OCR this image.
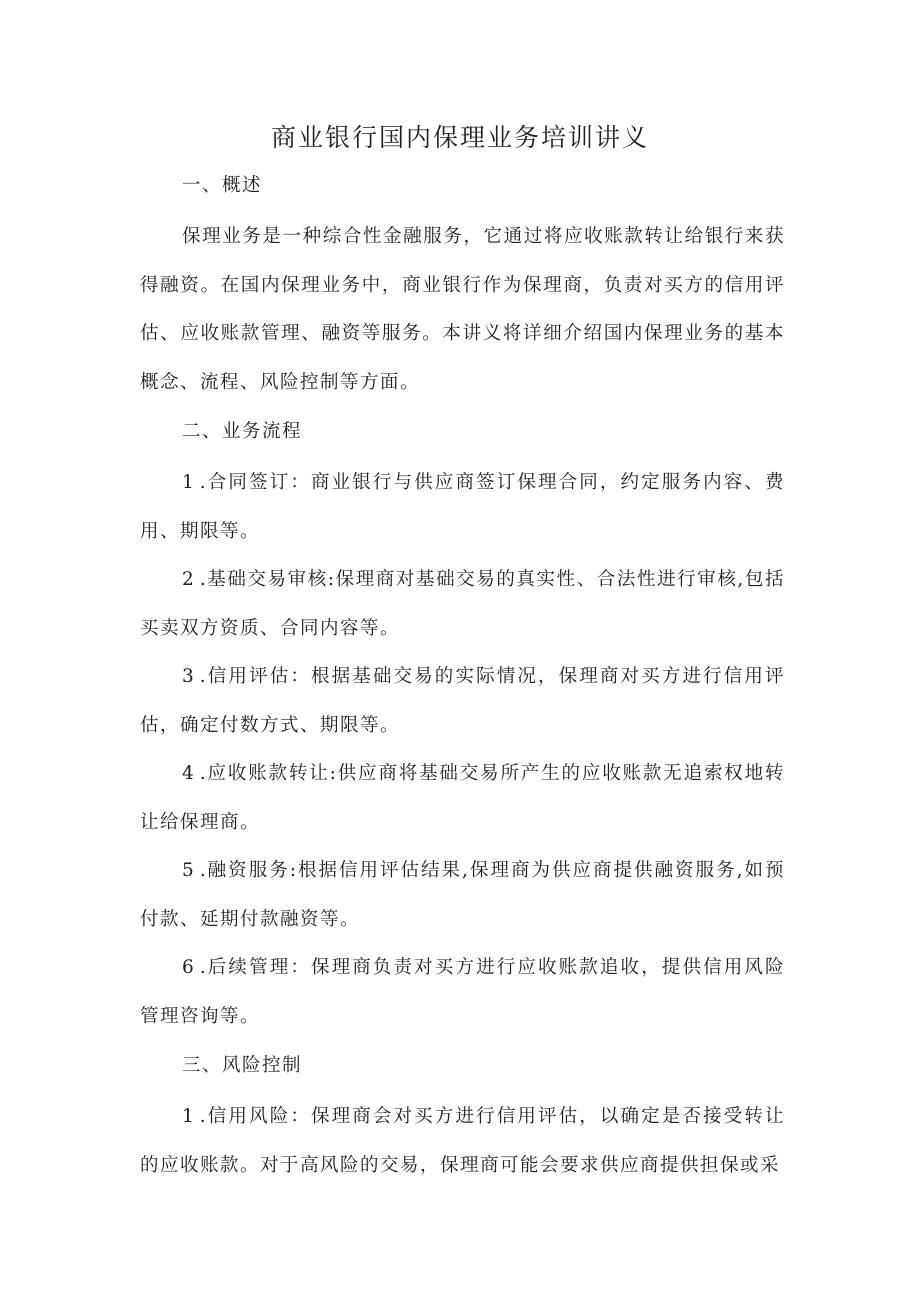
商业银行国内保理业务培训讲义

一、概述

保理业务是一种综合性金融服务，它通过将应收账款转让给银行来获得融资。在国内保理业务中，商业银行作为保理商，负责对买方的信用评估、应收账款管理、融资等服务。本讲义将详细介绍国内保理业务的基本概念、流程、风险控制等方面。

二、业务流程

1.合同签订：商业银行与供应商签订保理合同，约定服务内容、费用、期限等。

2.基础交易审核:保理商对基础交易的真实性、合法性进行审核,包括买卖双方资质、合同内容等。

3.信用评估：根据基础交易的实际情况，保理商对买方进行信用评估，确定付数方式、期限等。

4.应收账款转让:供应商将基础交易所产生的应收账款无追索权地转让给保理商。

5.融资服务:根据信用评估结果,保理商为供应商提供融资服务,如预付款、延期付款融资等。

6.后续管理：保理商负责对买方进行应收账款追收，提供信用风险管理咨询等。

三、风险控制

1.信用风险：保理商会对买方进行信用评估，以确定是否接受转让的应收账款。对于高风险的交易，保理商可能会要求供应商提供担保或采
